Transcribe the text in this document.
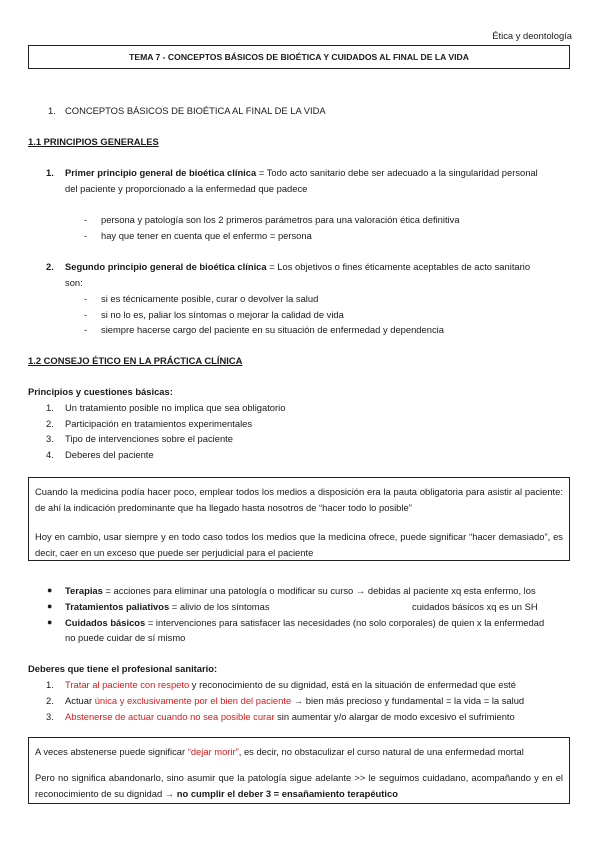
Ética y deontología
TEMA 7 - CONCEPTOS BÁSICOS DE BIOÉTICA Y CUIDADOS AL FINAL DE LA VIDA
1. CONCEPTOS BÁSICOS DE BIOÉTICA AL FINAL DE LA VIDA
1.1 PRINCIPIOS GENERALES
1. Primer principio general de bioética clínica = Todo acto sanitario debe ser adecuado a la singularidad personal
del paciente y proporcionado a la enfermedad que padece
- persona y patología son los 2 primeros parámetros para una valoración ética definitiva
- hay que tener en cuenta que el enfermo = persona
2. Segundo principio general de bioética clínica = Los objetivos o fines éticamente aceptables de acto sanitario
son:
- si es técnicamente posible, curar o devolver la salud
- si no lo es, paliar los síntomas o mejorar la calidad de vida
- siempre hacerse cargo del paciente en su situación de enfermedad y dependencia
1.2 CONSEJO ÉTICO EN LA PRÁCTICA CLÍNICA
Principios y cuestiones básicas:
1. Un tratamiento posible no implica que sea obligatorio
2. Participación en tratamientos experimentales
3. Tipo de intervenciones sobre el paciente
4. Deberes del paciente
Cuando la medicina podía hacer poco, emplear todos los medios a disposición era la pauta obligatoria para asistir al paciente: de ahí la indicación predominante que ha llegado hasta nosotros de “hacer todo lo posible”
Hoy en cambio, usar siempre y en todo caso todos los medios que la medicina ofrece, puede significar “hacer demasiado”, es decir, caer en un exceso que puede ser perjudicial para el paciente
● Terapias = acciones para eliminar una patología o modificar su curso → debidas al paciente xq esta enfermo, los
● Tratamientos paliativos = alivio de los síntomas	cuidados básicos xq es un SH
● Cuidados básicos = intervenciones para satisfacer las necesidades (no solo corporales) de quien x la enfermedad
no puede cuidar de sí mismo
Deberes que tiene el profesional sanitario:
1. Tratar al paciente con respeto y reconocimiento de su dignidad, está en la situación de enfermedad que esté
2. Actuar única y exclusivamente por el bien del paciente → bien más precioso y fundamental = la vida = la salud
3. Abstenerse de actuar cuando no sea posible curar sin aumentar y/o alargar de modo excesivo el sufrimiento
A veces abstenerse puede significar “dejar morir”, es decir, no obstaculizar el curso natural de una enfermedad mortal
Pero no significa abandonarlo, sino asumir que la patología sigue adelante >> le seguimos cuidadano, acompañando y en el reconocimiento de su dignidad → no cumplir el deber 3 = ensañamiento terapéutico
